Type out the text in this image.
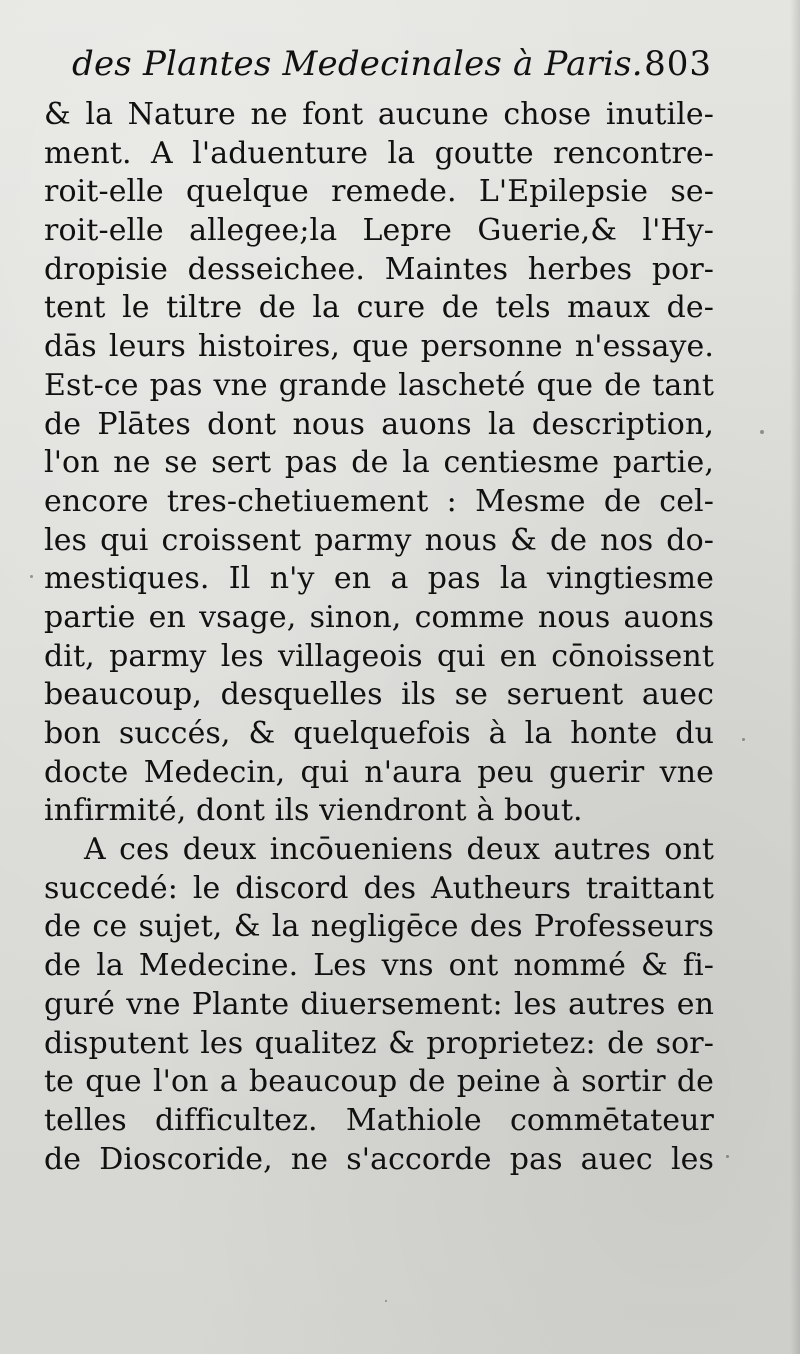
des Plantes Medecinales à Paris. 803
& la Nature ne font aucune chose inutile-
ment. A l'aduenture la goutte rencontre-
roit-elle quelque remede. L'Epilepsie se-
roit-elle allegee;la Lepre Guerie,& l'Hy-
dropisie desseichee. Maintes herbes por-
tent le tiltre de la cure de tels maux de-
dās leurs histoires, que personne n'essaye.
Est-ce pas vne grande lascheté que de tant
de Plātes dont nous auons la description,
l'on ne se sert pas de la centiesme partie,
encore tres-chetiuement : Mesme de cel-
les qui croissent parmy nous & de nos do-
mestiques. Il n'y en a pas la vingtiesme
partie en vsage, sinon, comme nous auons
dit, parmy les villageois qui en cōnoissent
beaucoup, desquelles ils se seruent auec
bon succés, & quelquefois à la honte du
docte Medecin, qui n'aura peu guerir vne
infirmité, dont ils viendront à bout.
A ces deux incōueniens deux autres ont
succedé: le discord des Autheurs traittant
de ce sujet, & la negligēce des Professeurs
de la Medecine. Les vns ont nommé & fi-
guré vne Plante diuersement: les autres en
disputent les qualitez & proprietez: de sor-
te que l'on a beaucoup de peine à sortir de
telles difficultez. Mathiole commētateur
de Dioscoride, ne s'accorde pas auec les
